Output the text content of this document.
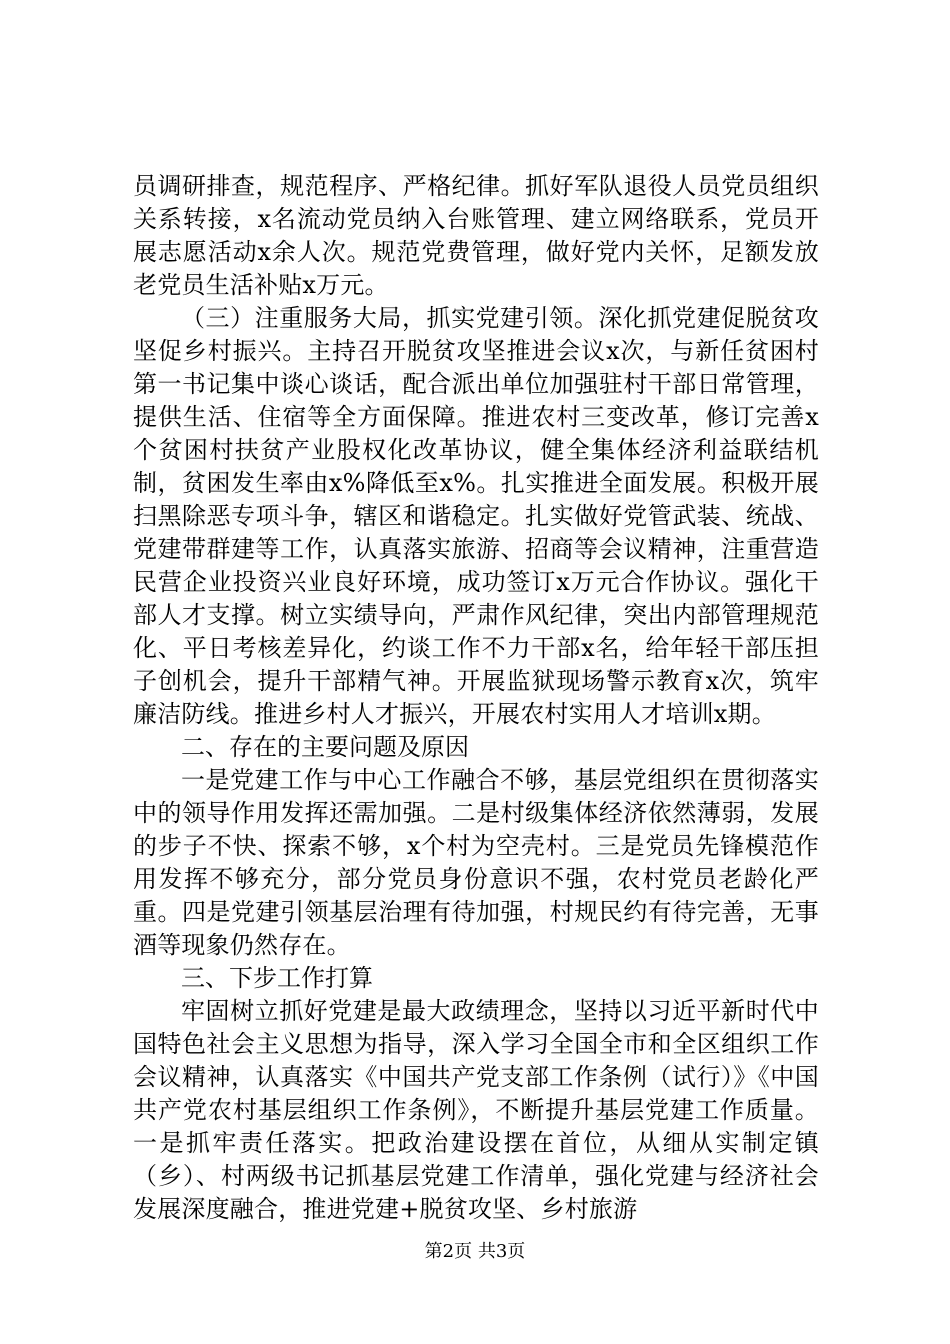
员调研排查，规范程序、严格纪律。抓好军队退役人员党员组织关系转接，x名流动党员纳入台账管理、建立网络联系，党员开展志愿活动x余人次。规范党费管理，做好党内关怀，足额发放老党员生活补贴x万元。

（三）注重服务大局，抓实党建引领。深化抓党建促脱贫攻坚促乡村振兴。主持召开脱贫攻坚推进会议x次，与新任贫困村第一书记集中谈心谈话，配合派出单位加强驻村干部日常管理，提供生活、住宿等全方面保障。推进农村三变改革，修订完善x个贫困村扶贫产业股权化改革协议，健全集体经济利益联结机制，贫困发生率由x%降低至x%。扎实推进全面发展。积极开展扫黑除恶专项斗争，辖区和谐稳定。扎实做好党管武装、统战、党建带群建等工作，认真落实旅游、招商等会议精神，注重营造民营企业投资兴业良好环境，成功签订x万元合作协议。强化干部人才支撑。树立实绩导向，严肃作风纪律，突出内部管理规范化、平日考核差异化，约谈工作不力干部x名，给年轻干部压担子创机会，提升干部精气神。开展监狱现场警示教育x次，筑牢廉洁防线。推进乡村人才振兴，开展农村实用人才培训x期。

二、存在的主要问题及原因

一是党建工作与中心工作融合不够，基层党组织在贯彻落实中的领导作用发挥还需加强。二是村级集体经济依然薄弱，发展的步子不快、探索不够，x个村为空壳村。三是党员先锋模范作用发挥不够充分，部分党员身份意识不强，农村党员老龄化严重。四是党建引领基层治理有待加强，村规民约有待完善，无事酒等现象仍然存在。

三、下步工作打算

牢固树立抓好党建是最大政绩理念，坚持以习近平新时代中国特色社会主义思想为指导，深入学习全国全市和全区组织工作会议精神，认真落实《中国共产党支部工作条例（试行）》《中国共产党农村基层组织工作条例》，不断提升基层党建工作质量。一是抓牢责任落实。把政治建设摆在首位，从细从实制定镇（乡）、村两级书记抓基层党建工作清单，强化党建与经济社会发展深度融合，推进党建+脱贫攻坚、乡村旅游

第2页 共3页
